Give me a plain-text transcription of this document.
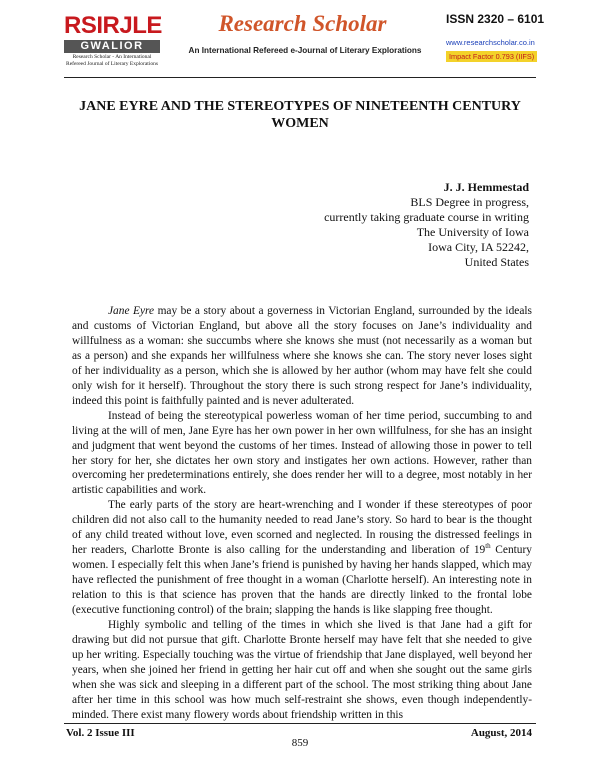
RSIRJLE
GWALIOR
Research Scholar - An International
Refereed Journal of Literary Explorations
Research Scholar
An International Refereed e-Journal of Literary Explorations
ISSN 2320 – 6101
www.researchscholar.co.in
Impact Factor 0.793 (IIFS)
JANE EYRE AND THE STEREOTYPES OF NINETEENTH CENTURY
WOMEN
J. J. Hemmestad
BLS Degree in progress,
currently taking graduate course in writing
The University of Iowa
Iowa City, IA 52242,
United States

Jane Eyre may be a story about a governess in Victorian England, surrounded by the ideals and customs of Victorian England, but above all the story focuses on Jane’s individuality and willfulness as a woman: she succumbs where she knows she must (not necessarily as a woman but as a person) and she expands her willfulness where she knows she can. The story never loses sight of her individuality as a person, which she is allowed by her author (whom may have felt she could only wish for it herself). Throughout the story there is such strong respect for Jane’s individuality, indeed this point is faithfully painted and is never adulterated.

Instead of being the stereotypical powerless woman of her time period, succumbing to and living at the will of men, Jane Eyre has her own power in her own willfulness, for she has an insight and judgment that went beyond the customs of her times. Instead of allowing those in power to tell her story for her, she dictates her own story and instigates her own actions. However, rather than overcoming her predeterminations entirely, she does render her will to a degree, most notably in her artistic capabilities and work.

The early parts of the story are heart-wrenching and I wonder if these stereotypes of poor children did not also call to the humanity needed to read Jane’s story. So hard to bear is the thought of any child treated without love, even scorned and neglected. In rousing the distressed feelings in her readers, Charlotte Bronte is also calling for the understanding and liberation of 19th Century women. I especially felt this when Jane’s friend is punished by having her hands slapped, which may have reflected the punishment of free thought in a woman (Charlotte herself). An interesting note in relation to this is that science has proven that the hands are directly linked to the frontal lobe (executive functioning control) of the brain; slapping the hands is like slapping free thought.

Highly symbolic and telling of the times in which she lived is that Jane had a gift for drawing but did not pursue that gift. Charlotte Bronte herself may have felt that she needed to give up her writing. Especially touching was the virtue of friendship that Jane displayed, well beyond her years, when she joined her friend in getting her hair cut off and when she sought out the same girls when she was sick and sleeping in a different part of the school. The most striking thing about Jane after her time in this school was how much self-restraint she shows, even though independently-minded. There exist many flowery words about friendship written in this

Vol. 2 Issue III	August, 2014
859
